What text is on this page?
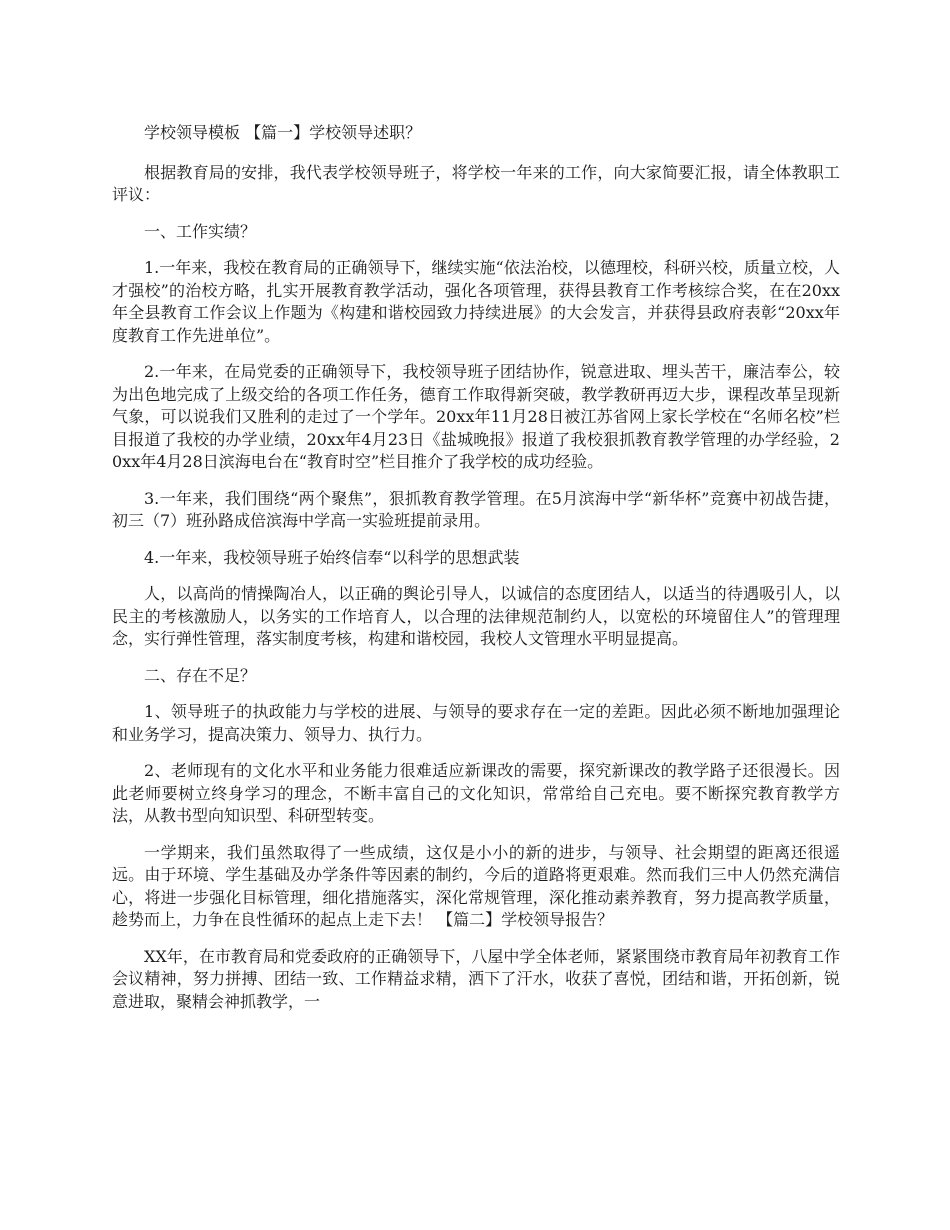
学校领导模板 【篇一】学校领导述职？

根据教育局的安排，我代表学校领导班子，将学校一年来的工作，向大家简要汇报，请全体教职工评议：

一、工作实绩？

1.一年来，我校在教育局的正确领导下，继续实施“依法治校，以德理校，科研兴校，质量立校，人才强校”的治校方略，扎实开展教育教学活动，强化各项管理，获得县教育工作考核综合奖，在在20xx年全县教育工作会议上作题为《构建和谐校园致力持续进展》的大会发言，并获得县政府表彰“20xx年度教育工作先进单位”。

2.一年来，在局党委的正确领导下，我校领导班子团结协作，锐意进取、埋头苦干，廉洁奉公，较为出色地完成了上级交给的各项工作任务，德育工作取得新突破，教学教研再迈大步，课程改革呈现新气象，可以说我们又胜利的走过了一个学年。20xx年11月28日被江苏省网上家长学校在“名师名校”栏目报道了我校的办学业绩，20xx年4月23日《盐城晚报》报道了我校狠抓教育教学管理的办学经验，20xx年4月28日滨海电台在“教育时空”栏目推介了我学校的成功经验。

3.一年来，我们围绕“两个聚焦”，狠抓教育教学管理。在5月滨海中学“新华杯”竞赛中初战告捷，初三（7）班孙路成倍滨海中学高一实验班提前录用。

4.一年来，我校领导班子始终信奉“以科学的思想武装

人，以高尚的情操陶冶人，以正确的舆论引导人，以诚信的态度团结人，以适当的待遇吸引人，以民主的考核激励人，以务实的工作培育人，以合理的法律规范制约人，以宽松的环境留住人”的管理理念，实行弹性管理，落实制度考核，构建和谐校园，我校人文管理水平明显提高。

二、存在不足？

1、领导班子的执政能力与学校的进展、与领导的要求存在一定的差距。因此必须不断地加强理论和业务学习，提高决策力、领导力、执行力。

2、老师现有的文化水平和业务能力很难适应新课改的需要，探究新课改的教学路子还很漫长。因此老师要树立终身学习的理念，不断丰富自己的文化知识，常常给自己充电。要不断探究教育教学方法，从教书型向知识型、科研型转变。

一学期来，我们虽然取得了一些成绩，这仅是小小的新的进步，与领导、社会期望的距离还很遥远。由于环境、学生基础及办学条件等因素的制约，今后的道路将更艰难。然而我们三中人仍然充满信心，将进一步强化目标管理，细化措施落实，深化常规管理，深化推动素养教育，努力提高教学质量，趁势而上，力争在良性循环的起点上走下去！ 【篇二】学校领导报告？

XX年，在市教育局和党委政府的正确领导下，八屋中学全体老师，紧紧围绕市教育局年初教育工作会议精神，努力拼搏、团结一致、工作精益求精，洒下了汗水，收获了喜悦，团结和谐，开拓创新，锐意进取，聚精会神抓教学，一
